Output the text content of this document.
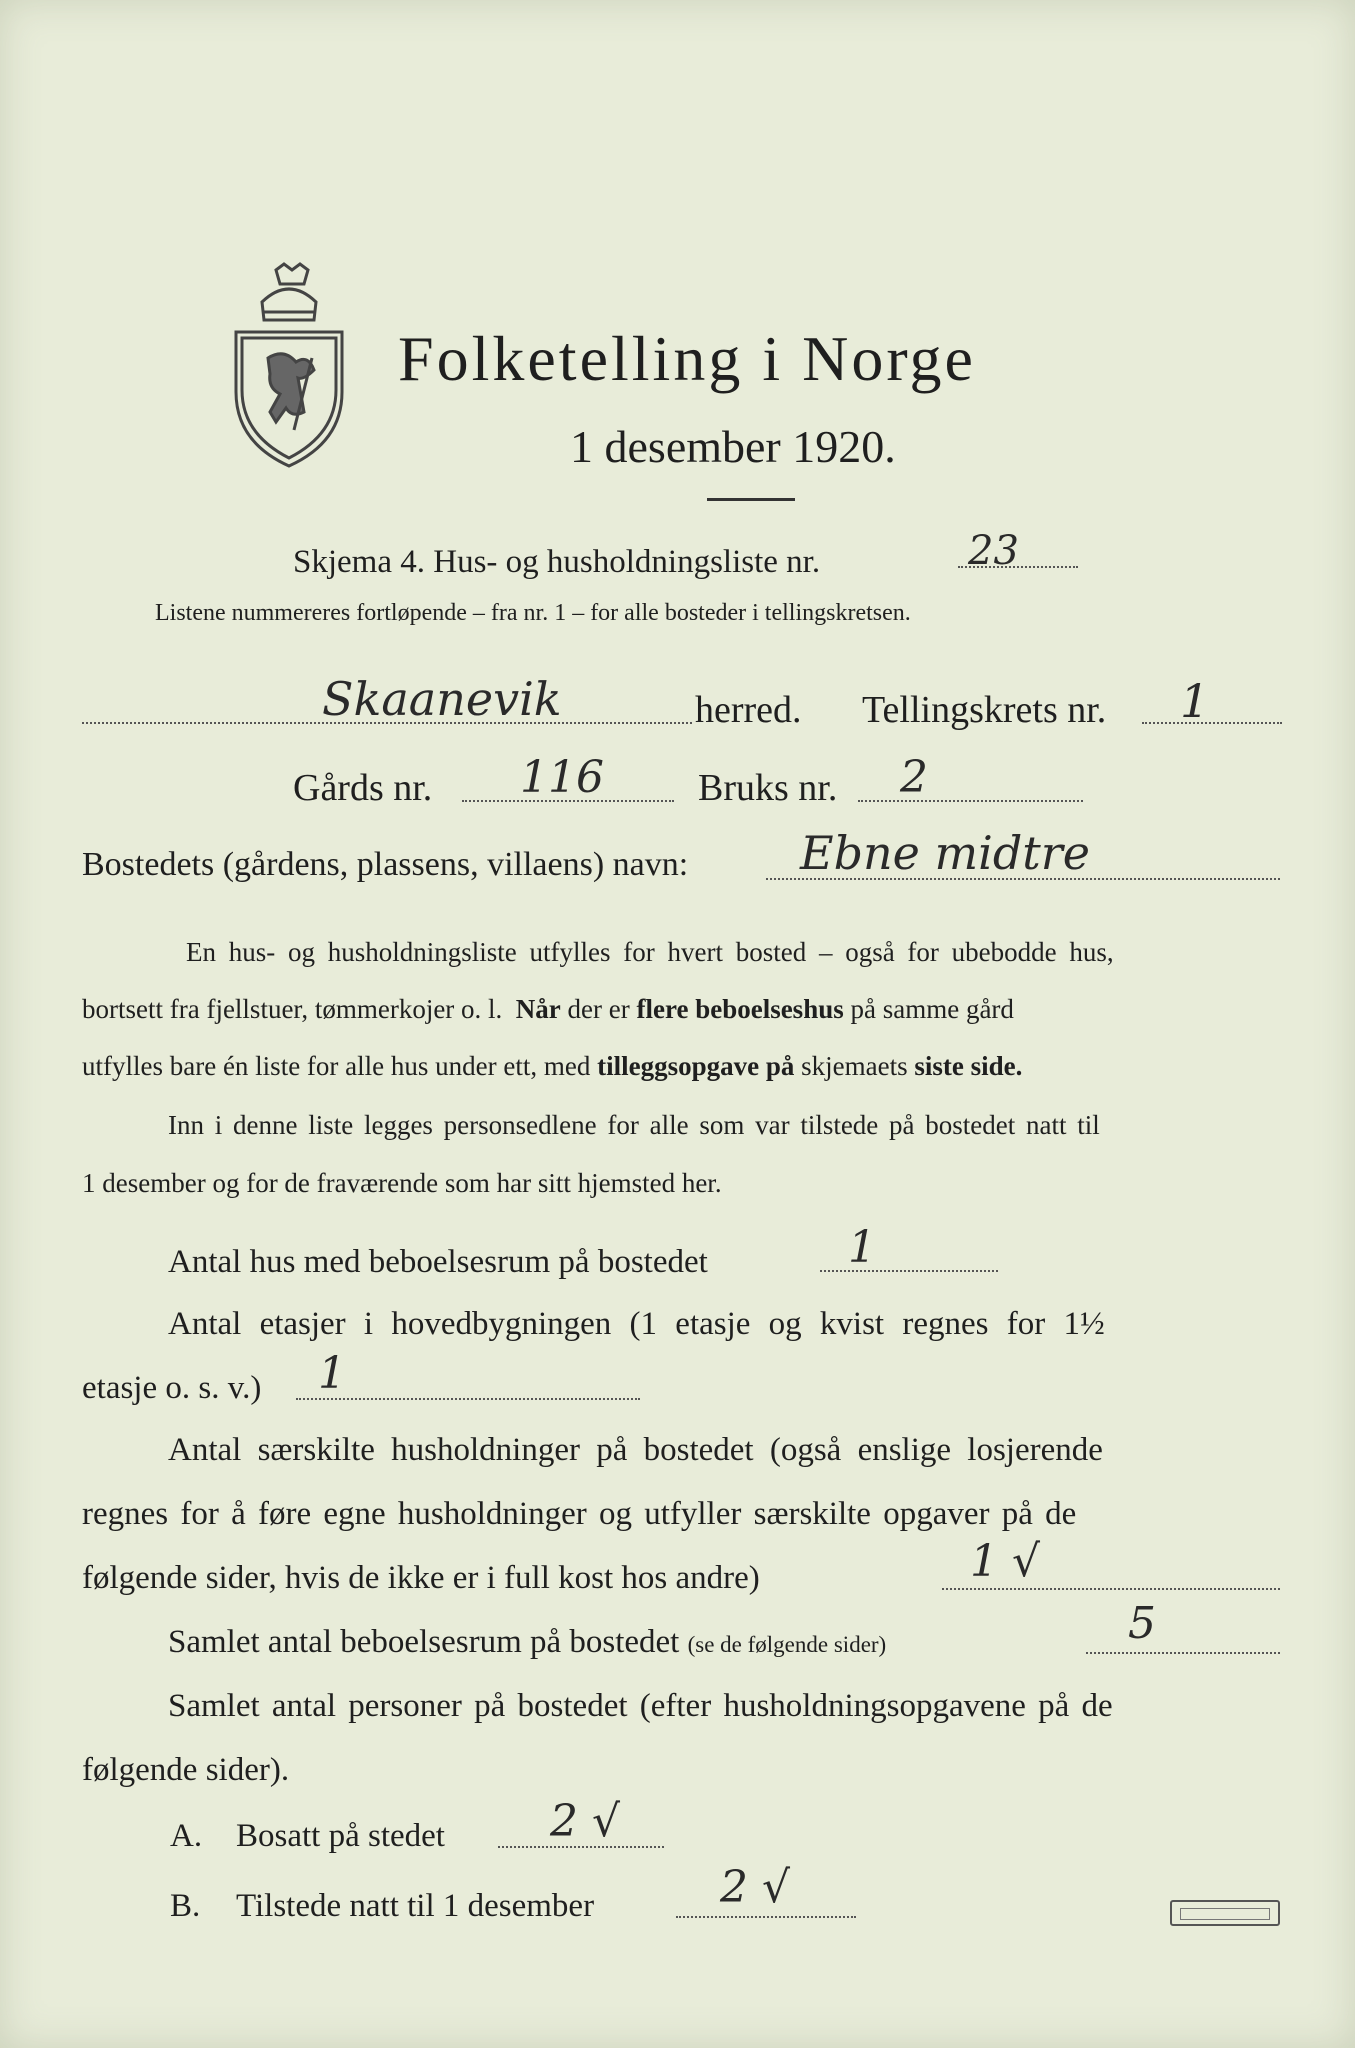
Folketelling i Norge
1 desember 1920.
Skjema 4. Hus- og husholdningsliste nr.	23
Listene nummereres fortløpende – fra nr. 1 – for alle bosteder i tellingskretsen.
Skaanevik	herred. Tellingskrets nr. 1
Gårds nr. 116 Bruks nr. 2
Bostedets (gårdens, plassens, villaens) navn: Ebne midtre
En hus- og husholdningsliste utfylles for hvert bosted – også for ubebodde hus,
bortsett fra fjellstuer, tømmerkojer o. l. Når der er flere beboelseshus på samme gård
utfylles bare én liste for alle hus under ett, med tilleggsopgave på skjemaets siste side.
Inn i denne liste legges personsedlene for alle som var tilstede på bostedet natt til
1 desember og for de fraværende som har sitt hjemsted her.
Antal hus med beboelsesrum på bostedet	1
Antal etasjer i hovedbygningen (1 etasje og kvist regnes for 1½
etasje o. s. v.) 1
Antal særskilte husholdninger på bostedet (også enslige losjerende
regnes for å føre egne husholdninger og utfyller særskilte opgaver på de
følgende sider, hvis de ikke er i full kost hos andre)	1 √
Samlet antal beboelsesrum på bostedet (se de følgende sider)	5
Samlet antal personer på bostedet (efter husholdningsopgavene på de
følgende sider).
A. Bosatt på stedet 2 √
B. Tilstede natt til 1 desember	2 √
